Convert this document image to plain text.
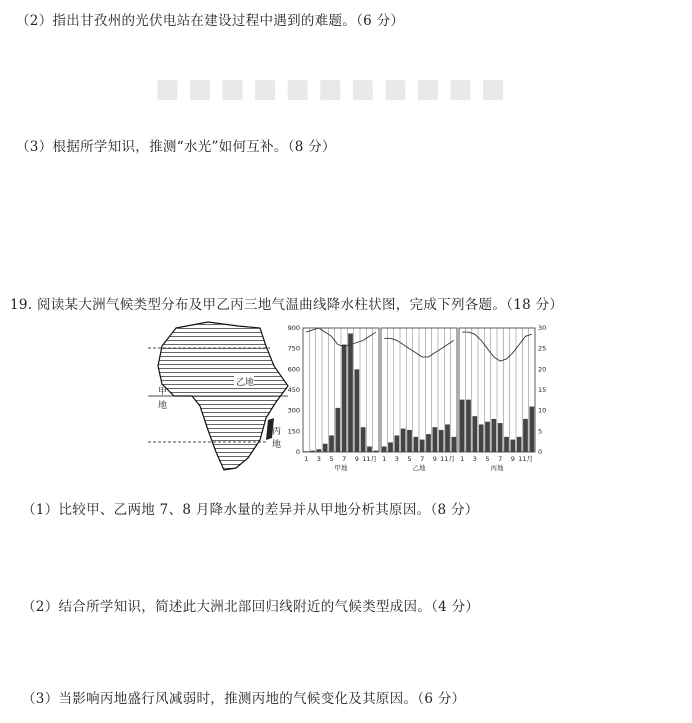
■■■■■■■■■■■
（2）指出甘孜州的光伏电站在建设过程中遇到的难题。（6 分）
（3）根据所学知识，推测“水光”如何互补。（8 分）
19. 阅读某大洲气候类型分布及甲乙丙三地气温曲线降水柱状图，完成下列各题。（18 分）
乙地
甲
地
丙
地
900
750
600
450
300
150
0
30
25
20
15
10
5
0
1 3 5 7 9 11月
甲地
1 3 5 7 9 11月
乙地
1 3 5 7 9 11月
丙地
（1）比较甲、乙两地 7、8 月降水量的差异并从甲地分析其原因。（8 分）
（2）结合所学知识，简述此大洲北部回归线附近的气候类型成因。（4 分）
（3）当影响丙地盛行风减弱时，推测丙地的气候变化及其原因。（6 分）
